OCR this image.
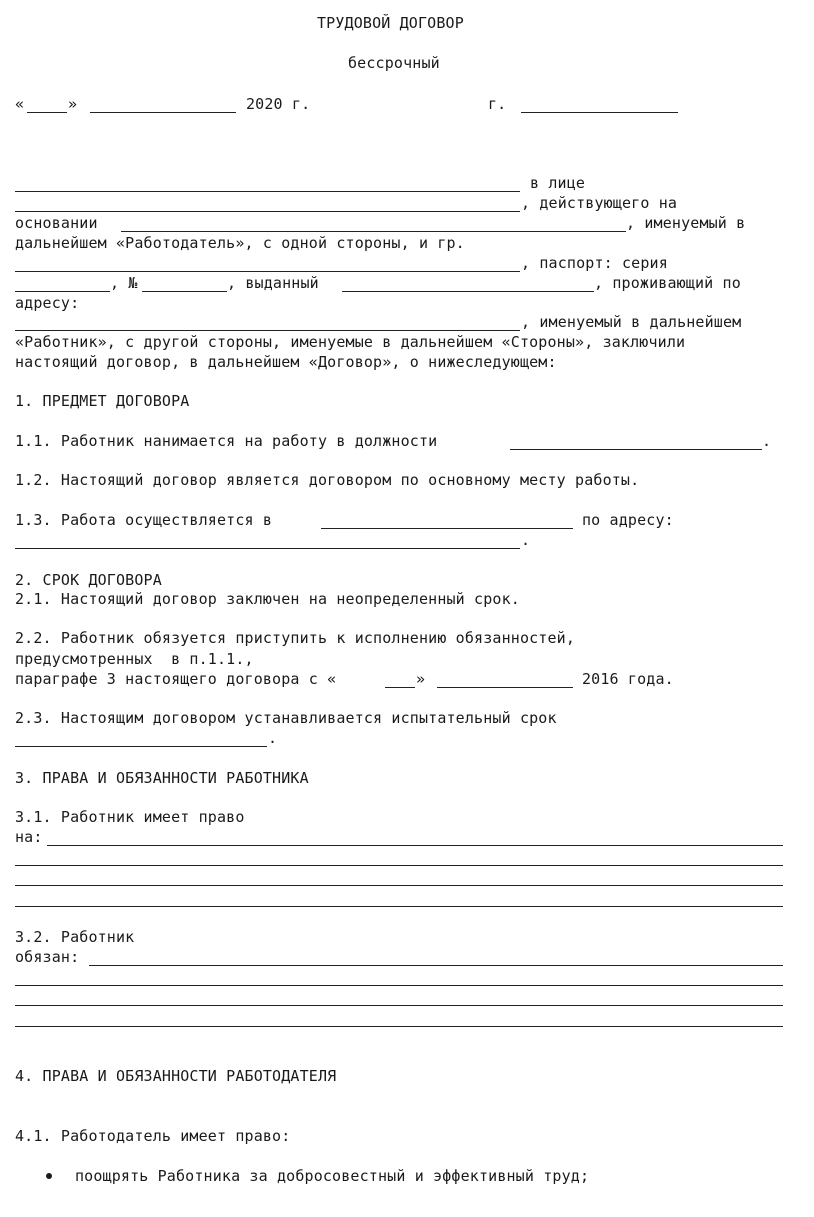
ТРУДОВОЙ ДОГОВОР
бессрочный
«	»	2020 г.	г.
в лице
, действующего на
основании	, именуемый в
дальнейшем «Работодатель», с одной стороны, и гр.
, паспорт: серия
, №	, выданный	, проживающий по
адресу:
, именуемый в дальнейшем
«Работник», с другой стороны, именуемые в дальнейшем «Стороны», заключили
настоящий договор, в дальнейшем «Договор», о нижеследующем:
1. ПРЕДМЕТ ДОГОВОРА
1.1. Работник нанимается на работу в должности	.
1.2. Настоящий договор является договором по основному месту работы.
1.3. Работа осуществляется в	по адресу:
.
2. СРОК ДОГОВОРА
2.1. Настоящий договор заключен на неопределенный срок.
2.2. Работник обязуется приступить к исполнению обязанностей,
предусмотренных  в п.1.1.,
параграфе 3 настоящего договора с «	»	2016 года.
2.3. Настоящим договором устанавливается испытательный срок
.
3. ПРАВА И ОБЯЗАННОСТИ РАБОТНИКА
3.1. Работник имеет право
на:
3.2. Работник
обязан:
4. ПРАВА И ОБЯЗАННОСТИ РАБОТОДАТЕЛЯ
4.1. Работодатель имеет право:
поощрять Работника за добросовестный и эффективный труд;
